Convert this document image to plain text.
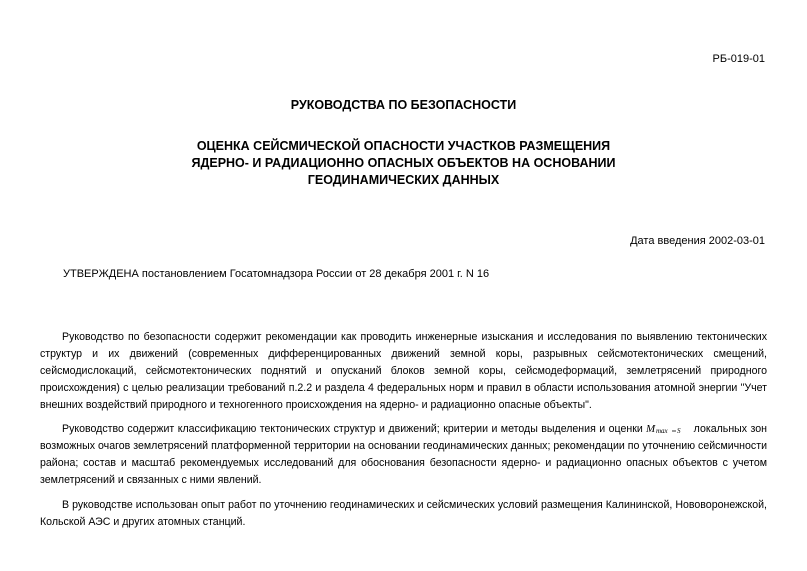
РБ-019-01
РУКОВОДСТВА ПО БЕЗОПАСНОСТИ
ОЦЕНКА СЕЙСМИЧЕСКОЙ ОПАСНОСТИ УЧАСТКОВ РАЗМЕЩЕНИЯ
ЯДЕРНО- И РАДИАЦИОННО ОПАСНЫХ ОБЪЕКТОВ НА ОСНОВАНИИ
ГЕОДИНАМИЧЕСКИХ ДАННЫХ
Дата введения 2002-03-01
УТВЕРЖДЕНА постановлением Госатомнадзора России от 28 декабря 2001 г. N 16

Руководство по безопасности содержит рекомендации как проводить инженерные изыскания и исследования по выявлению тектонических структур и их движений (современных дифференцированных движений земной коры, разрывных сейсмотектонических смещений, сейсмодислокаций, сейсмотектонических поднятий и опусканий блоков земной коры, сейсмодеформаций, землетрясений природного происхождения) с целью реализации требований п.2.2 и раздела 4 федеральных норм и правил в области использования атомной энергии "Учет внешних воздействий природного и техногенного происхождения на ядерно- и радиационно опасные объекты".

Руководство содержит классификацию тектонических структур и движений; критерии и методы выделения и оценки M max S локальных зон возможных очагов землетрясений платформенной территории на основании геодинамических данных; рекомендации по уточнению сейсмичности района; состав и масштаб рекомендуемых исследований для обоснования безопасности ядерно- и радиационно опасных объектов с учетом землетрясений и связанных с ними явлений.

В руководстве использован опыт работ по уточнению геодинамических и сейсмических условий размещения Калининской, Нововоронежской, Кольской АЭС и других атомных станций.
